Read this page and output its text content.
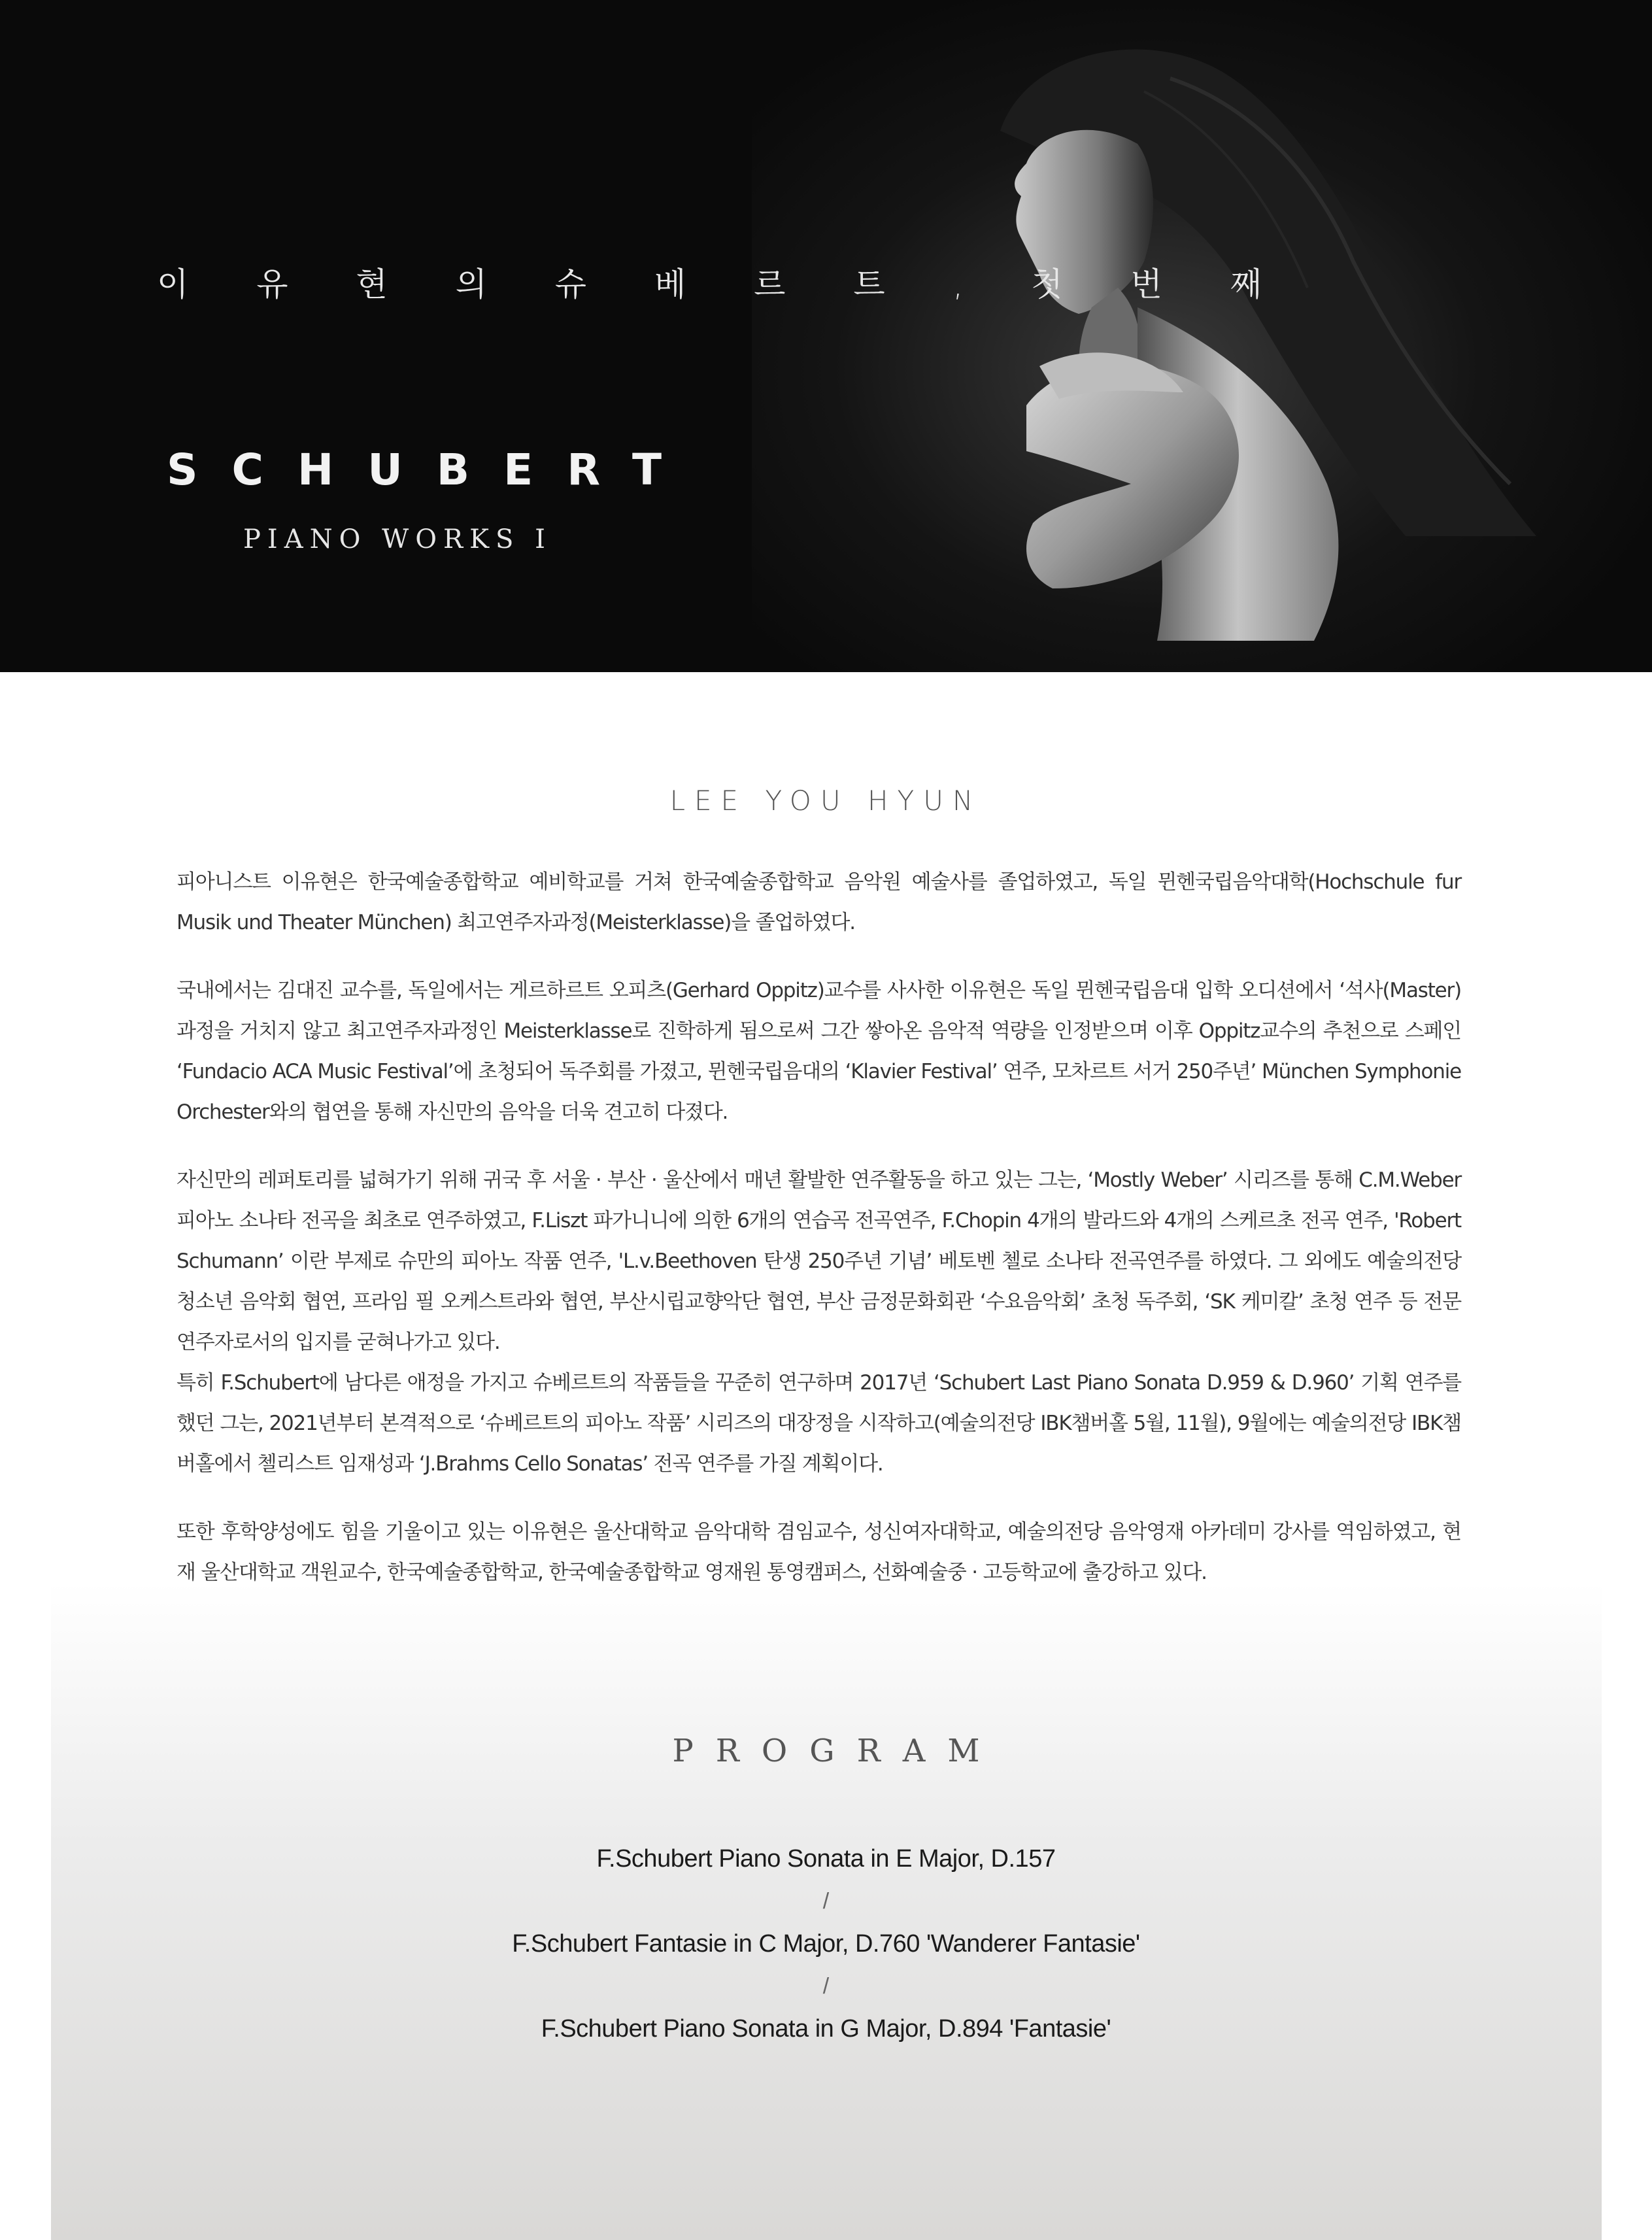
이 유 현 의 슈 베 르 트 , 첫 번 째
SCHUBERT
PIANO WORKS Ⅰ
LEE YOU HYUN

피아니스트 이유현은 한국예술종합학교 예비학교를 거쳐 한국예술종합학교 음악원 예술사를 졸업하였고, 독일 뮌헨국립음악대학(Hochschule fur Musik und Theater München) 최고연주자과정(Meisterklasse)을 졸업하였다.

국내에서는 김대진 교수를, 독일에서는 게르하르트 오피츠(Gerhard Oppitz)교수를 사사한 이유현은 독일 뮌헨국립음대 입학 오디션에서 ‘석사(Master)과정을 거치지 않고 최고연주자과정인 Meisterklasse로 진학하게 됨으로써 그간 쌓아온 음악적 역량을 인정받으며 이후 Oppitz교수의 추천으로 스페인 ‘Fundacio ACA Music Festival’에 초청되어 독주회를 가졌고, 뮌헨국립음대의 ‘Klavier Festival’ 연주, 모차르트 서거 250주년’ München Symphonie Orchester와의 협연을 통해 자신만의 음악을 더욱 견고히 다졌다.

자신만의 레퍼토리를 넓혀가기 위해 귀국 후 서울 · 부산 · 울산에서 매년 활발한 연주활동을 하고 있는 그는, ‘Mostly Weber’ 시리즈를 통해 C.M.Weber 피아노 소나타 전곡을 최초로 연주하였고, F.Liszt 파가니니에 의한 6개의 연습곡 전곡연주, F.Chopin 4개의 발라드와 4개의 스케르초 전곡 연주, 'Robert Schumann’ 이란 부제로 슈만의 피아노 작품 연주, 'L.v.Beethoven 탄생 250주년 기념’ 베토벤 첼로 소나타 전곡연주를 하였다. 그 외에도 예술의전당 청소년 음악회 협연, 프라임 필 오케스트라와 협연, 부산시립교향악단 협연, 부산 금정문화회관 ‘수요음악회’ 초청 독주회, ‘SK 케미칼’ 초청 연주 등 전문 연주자로서의 입지를 굳혀나가고 있다.

특히 F.Schubert에 남다른 애정을 가지고 슈베르트의 작품들을 꾸준히 연구하며 2017년 ‘Schubert Last Piano Sonata D.959 & D.960’ 기획 연주를 했던 그는, 2021년부터 본격적으로 ‘슈베르트의 피아노 작품’ 시리즈의 대장정을 시작하고(예술의전당 IBK챔버홀 5월, 11월), 9월에는 예술의전당 IBK챔버홀에서 첼리스트 임재성과 ‘J.Brahms Cello Sonatas’ 전곡 연주를 가질 계획이다.

또한 후학양성에도 힘을 기울이고 있는 이유현은 울산대학교 음악대학 겸임교수, 성신여자대학교, 예술의전당 음악영재 아카데미 강사를 역임하였고, 현재 울산대학교 객원교수, 한국예술종합학교, 한국예술종합학교 영재원 통영캠퍼스, 선화예술중 · 고등학교에 출강하고 있다.

PROGRAM
F.Schubert Piano Sonata in E Major, D.157
/
F.Schubert Fantasie in C Major, D.760 'Wanderer Fantasie'
/
F.Schubert Piano Sonata in G Major, D.894 'Fantasie'
